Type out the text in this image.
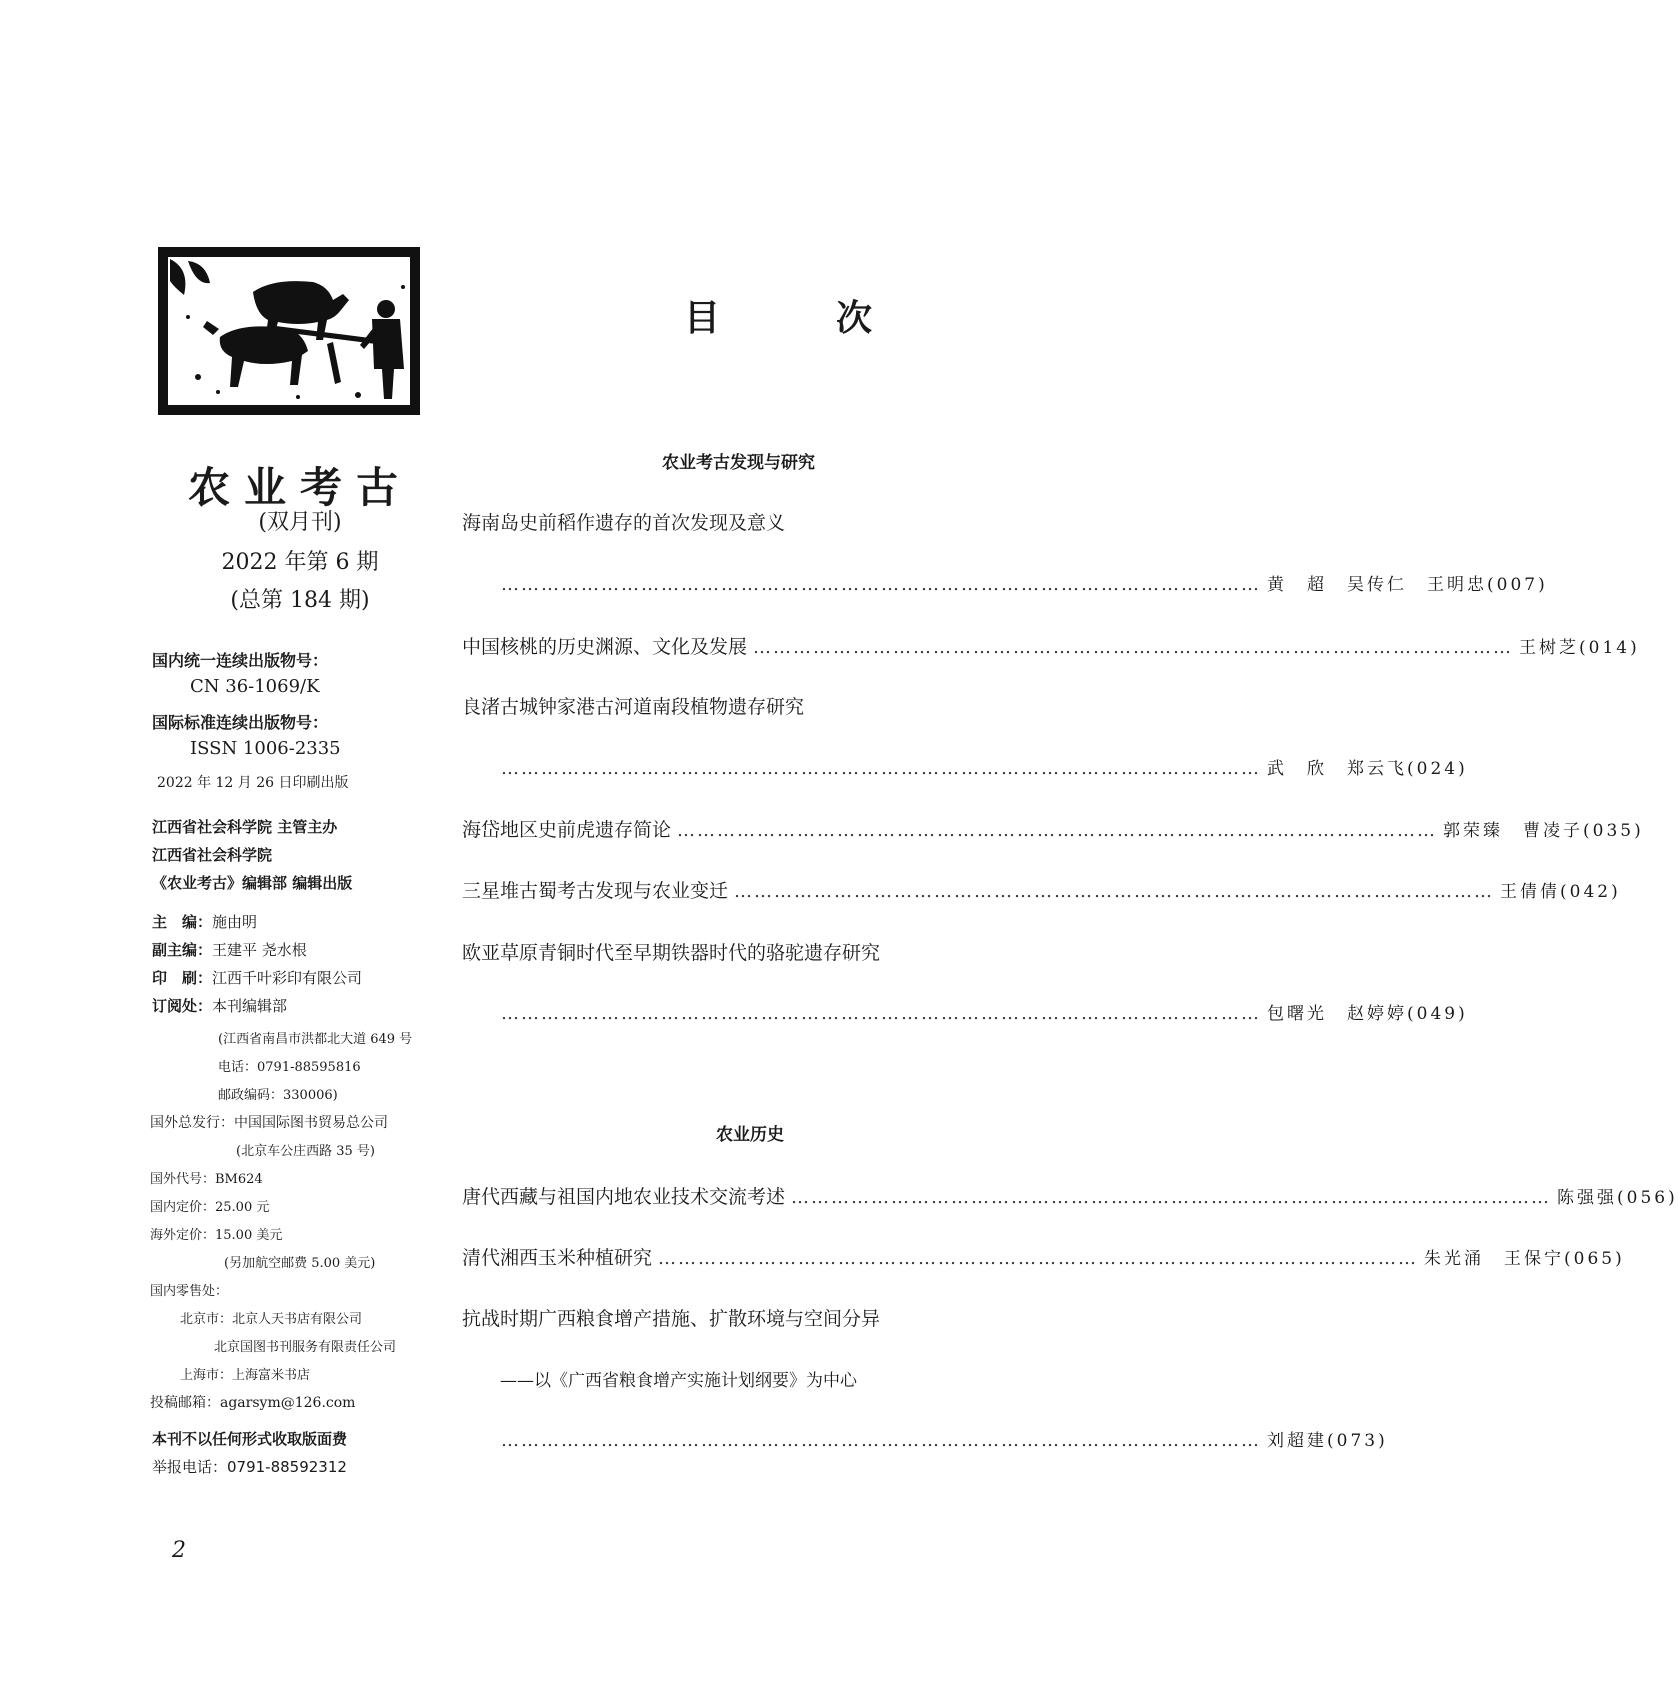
农业考古
(双月刊)
2022 年第 6 期
(总第 184 期)
国内统一连续出版物号：
CN 36-1069/K
国际标准连续出版物号：
ISSN 1006-2335
2022 年 12 月 26 日印刷出版
江西省社会科学院 主管主办
江西省社会科学院
《农业考古》编辑部 编辑出版
主　编：施由明
副主编：王建平 尧水根
印　刷：江西千叶彩印有限公司
订阅处：本刊编辑部
(江西省南昌市洪都北大道 649 号
电话：0791-88595816
邮政编码：330006)
国外总发行：中国国际图书贸易总公司
(北京车公庄西路 35 号)
国外代号：BM624
国内定价：25.00 元
海外定价：15.00 美元
(另加航空邮费 5.00 美元)
国内零售处：
北京市：北京人天书店有限公司
北京国图书刊服务有限责任公司
上海市：上海富米书店
投稿邮箱：agarsym@126.com
本刊不以任何形式收取版面费
举报电话：0791-88592312
目　次
农业考古发现与研究
海南岛史前稻作遗存的首次发现及意义
…………………………………………………………………………………………………… 黄　超　吴传仁　王明忠(007)
中国核桃的历史渊源、文化及发展 …………………………………………………………………………………………………… 王树芝(014)
良渚古城钟家港古河道南段植物遗存研究
…………………………………………………………………………………………………… 武　欣　郑云飞(024)
海岱地区史前虎遗存简论 …………………………………………………………………………………………………… 郭荣臻　曹凌子(035)
三星堆古蜀考古发现与农业变迁 …………………………………………………………………………………………………… 王倩倩(042)
欧亚草原青铜时代至早期铁器时代的骆驼遗存研究
…………………………………………………………………………………………………… 包曙光　赵婷婷(049)
农业历史
唐代西藏与祖国内地农业技术交流考述 …………………………………………………………………………………………………… 陈强强(056)
清代湘西玉米种植研究 …………………………………………………………………………………………………… 朱光涌　王保宁(065)
抗战时期广西粮食增产措施、扩散环境与空间分异
——以《广西省粮食增产实施计划纲要》为中心
…………………………………………………………………………………………………… 刘超建(073)
2
